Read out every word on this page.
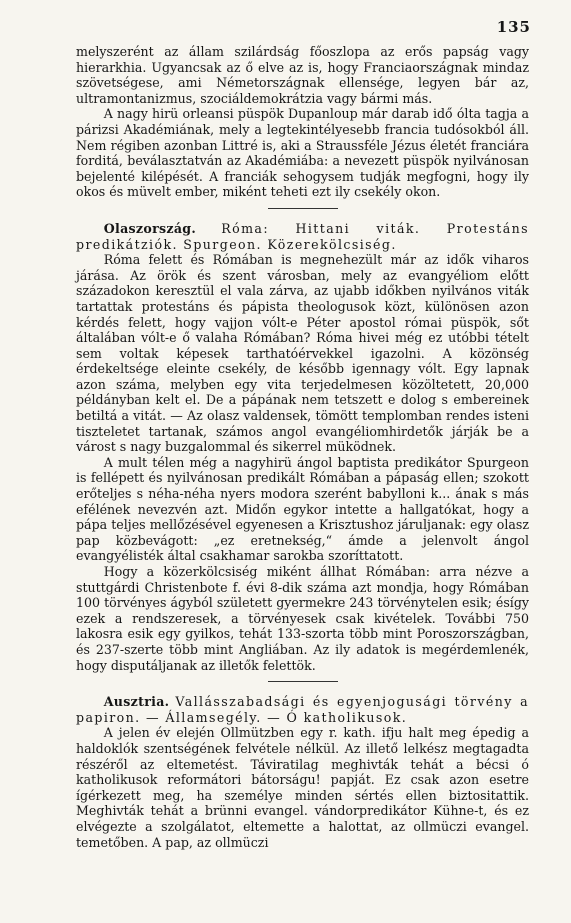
135

melyszerént az állam szilárdság főoszlopa az erős papság vagy hierarkhia. Ugyancsak az ő elve az is, hogy Franciaországnak mindaz szövetségese, ami Németországnak ellensége, legyen bár az, ultramontanizmus, szociáldemokrátzia vagy bármi más.

A nagy hirü orleansi püspök Dupanloup már darab idő ólta tagja a párizsi Akadémiának, mely a legtekintélyesebb francia tudósokból áll. Nem régiben azonban Littré is, aki a Straussféle Jézus életét franciára forditá, beválasztatván az Akadémiába: a nevezett püspök nyilvánosan bejelenté kilépését. A franciák sehogysem tudják megfogni, hogy ily okos és müvelt ember, miként teheti ezt ily csekély okon.

Olaszország. Róma: Hittani viták. Protestáns predikátziók. Spurgeon. Közerekölcsiség.

Róma felett és Rómában is megnehezült már az idők viharos járása. Az örök és szent városban, mely az evangyéliom előtt századokon keresztül el vala zárva, az ujabb időkben nyilvános viták tartattak protestáns és pápista theologusok közt, különösen azon kérdés felett, hogy vajjon vólt-e Péter apostol római püspök, sőt általában vólt-e ő valaha Rómában? Róma hivei még ez utóbbi tételt sem voltak képesek tarthatóérvekkel igazolni. A közönség érdekeltsége eleinte csekély, de később igennagy vólt. Egy lapnak azon száma, melyben egy vita terjedelmesen közöltetett, 20,000 példányban kelt el. De a pápának nem tetszett e dolog s embereinek betiltá a vitát. — Az olasz valdensek, tömött templomban rendes isteni tiszteletet tartanak, számos angol evangéliomhirdetők járják be a várost s nagy buzgalommal és sikerrel müködnek.

A mult télen még a nagyhirü ángol baptista predikátor Spurgeon is fellépett és nyilvánosan predikált Rómában a pápaság ellen; szokott erőteljes s néha-néha nyers modora szerént babylloni k... ának s más efélének nevezvén azt. Midőn egykor intette a hallgatókat, hogy a pápa teljes mellőzésével egyenesen a Krisztushoz járuljanak: egy olasz pap közbevágott: „ez eretnekség,“ ámde a jelenvolt ángol evangyélisték által csakhamar sarokba szoríttatott.

Hogy a közerkölcsiség miként állhat Rómában: arra nézve a stuttgárdi Christenbote f. évi 8-dik száma azt mondja, hogy Rómában 100 törvényes ágyból született gyermekre 243 törvénytelen esik; ésígy ezek a rendszeresek, a törvényesek csak kivételek. További 750 lakosra esik egy gyilkos, tehát 133-szorta több mint Poroszországban, és 237-szerte több mint Angliában. Az ily adatok is megérdemlenék, hogy disputáljanak az illetők felettök.

Ausztria. Vallásszabadsági és egyenjogusági törvény a papiron. — Államsegély. — Ó katholikusok.

A jelen év elején Ollmützben egy r. kath. ifju halt meg épedig a haldoklók szentségének felvétele nélkül. Az illető lelkész megtagadta részéről az eltemetést. Táviratilag meghivták tehát a bécsi ó katholikusok reformátori bátorságu! papját. Ez csak azon esetre ígérkezett meg, ha személye minden sértés ellen biztositattik. Meghivták tehát a brünni evangel. vándorpredikátor Kühne-t, és ez elvégezte a szolgálatot, eltemette a halottat, az ollmüczi evangel. temetőben. A pap, az ollmüczi
